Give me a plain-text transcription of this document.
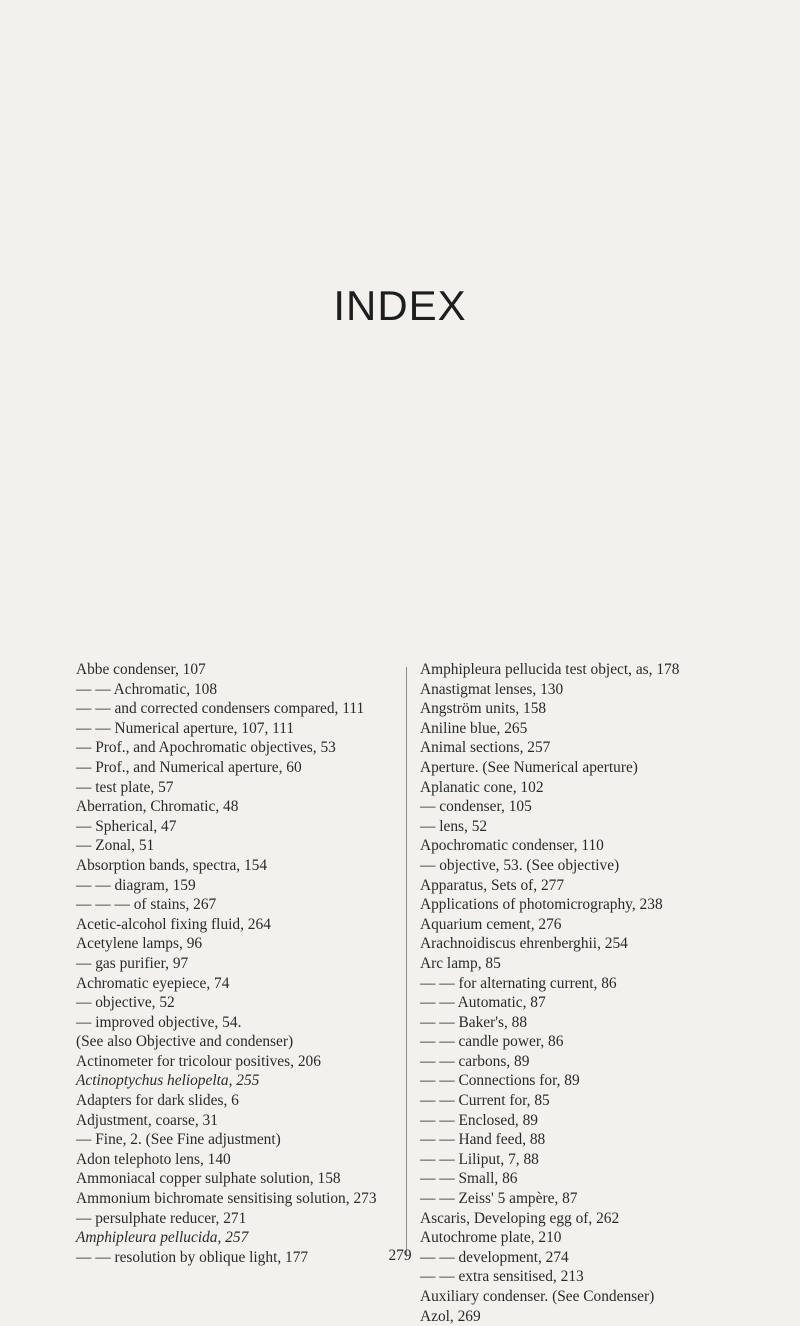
INDEX

Abbe condenser, 107

— — Achromatic, 108

— — and corrected condensers compared, 111

— — Numerical aperture, 107, 111

— Prof., and Apochromatic objectives, 53

— Prof., and Numerical aperture, 60

— test plate, 57

Aberration, Chromatic, 48

— Spherical, 47

— Zonal, 51

Absorption bands, spectra, 154

— — diagram, 159

— — — of stains, 267

Acetic-alcohol fixing fluid, 264

Acetylene lamps, 96

— gas purifier, 97

Achromatic eyepiece, 74

— objective, 52

— improved objective, 54.

(See also Objective and condenser)

Actinometer for tricolour positives, 206

Actinoptychus heliopelta, 255

Adapters for dark slides, 6

Adjustment, coarse, 31

— Fine, 2. (See Fine adjustment)

Adon telephoto lens, 140

Ammoniacal copper sulphate solution, 158

Ammonium bichromate sensitising solution, 273

— persulphate reducer, 271

Amphipleura pellucida, 257

— — resolution by oblique light, 177

Amphipleura pellucida test object, as, 178

Anastigmat lenses, 130

Angström units, 158

Aniline blue, 265

Animal sections, 257

Aperture. (See Numerical aperture)

Aplanatic cone, 102

— condenser, 105

— lens, 52

Apochromatic condenser, 110

— objective, 53. (See objective)

Apparatus, Sets of, 277

Applications of photomicrography, 238

Aquarium cement, 276

Arachnoidiscus ehrenberghii, 254

Arc lamp, 85

— — for alternating current, 86

— — Automatic, 87

— — Baker's, 88

— — candle power, 86

— — carbons, 89

— — Connections for, 89

— — Current for, 85

— — Enclosed, 89

— — Hand feed, 88

— — Liliput, 7, 88

— — Small, 86

— — Zeiss' 5 ampère, 87

Ascaris, Developing egg of, 262

Autochrome plate, 210

— — development, 274

— — extra sensitised, 213

Auxiliary condenser. (See Condenser)

Azol, 269

279
